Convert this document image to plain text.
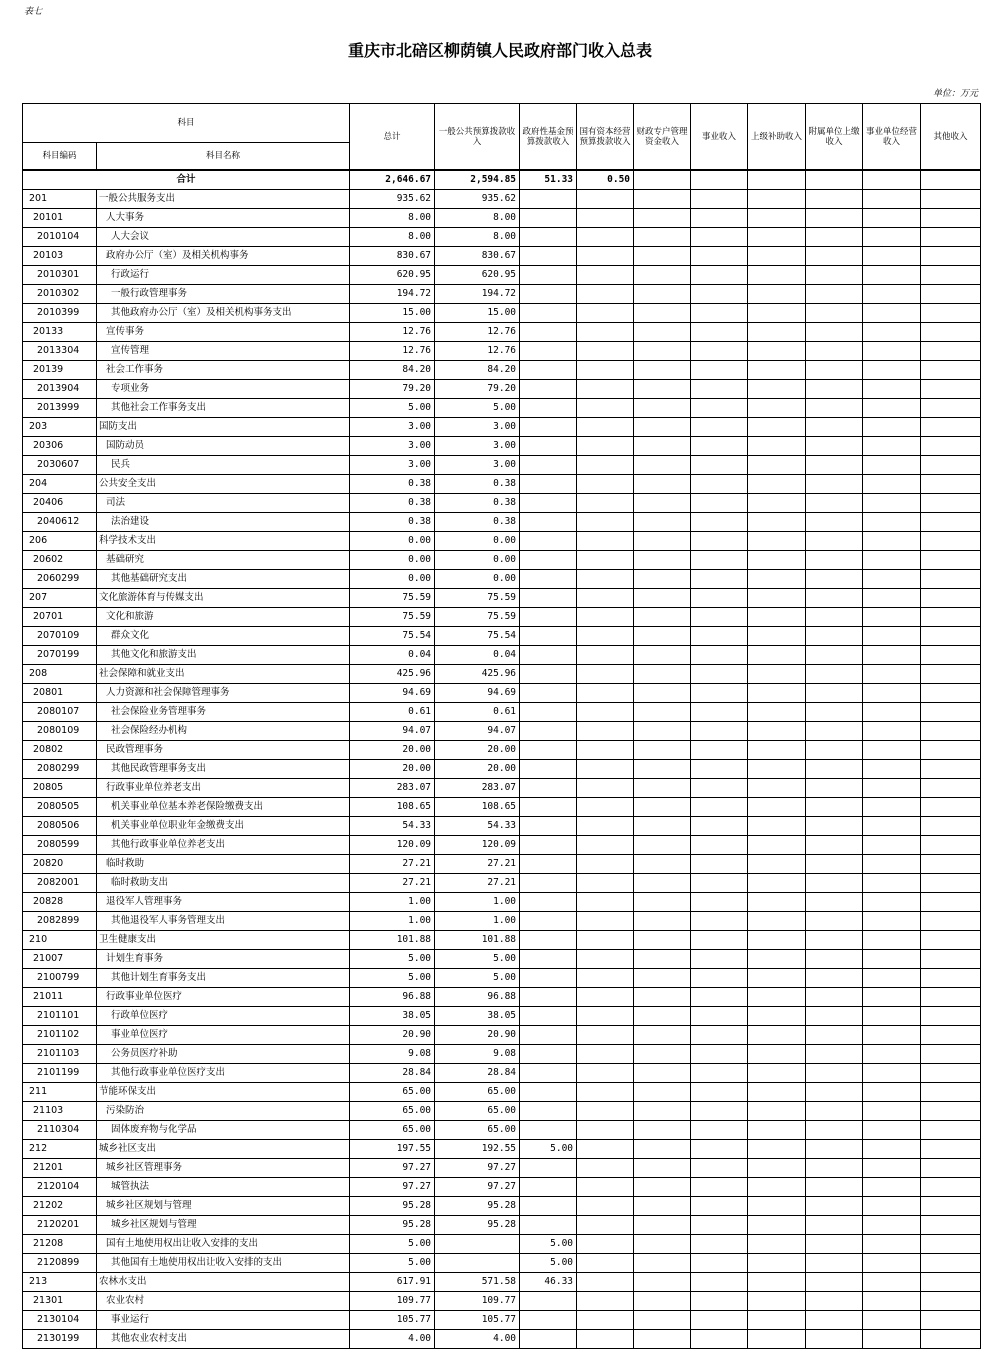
表七
重庆市北碚区柳荫镇人民政府部门收入总表
单位：万元
科目		总计	一般公共预算拨款收入	政府性基金预算拨款收入	国有资本经营预算拨款收入	财政专户管理资金收入	事业收入	上级补助收入	附属单位上缴收入	事业单位经营收入	其他收入
科目编码	科目名称										
合计		2,646.67	2,594.85	51.33	0.50						
201	一般公共服务支出	935.62	935.62								
20101	人大事务	8.00	8.00								
2010104	人大会议	8.00	8.00								
20103	政府办公厅（室）及相关机构事务	830.67	830.67								
2010301	行政运行	620.95	620.95								
2010302	一般行政管理事务	194.72	194.72								
2010399	其他政府办公厅（室）及相关机构事务支出	15.00	15.00								
20133	宣传事务	12.76	12.76								
2013304	宣传管理	12.76	12.76								
20139	社会工作事务	84.20	84.20								
2013904	专项业务	79.20	79.20								
2013999	其他社会工作事务支出	5.00	5.00								
203	国防支出	3.00	3.00								
20306	国防动员	3.00	3.00								
2030607	民兵	3.00	3.00								
204	公共安全支出	0.38	0.38								
20406	司法	0.38	0.38								
2040612	法治建设	0.38	0.38								
206	科学技术支出	0.00	0.00								
20602	基础研究	0.00	0.00								
2060299	其他基础研究支出	0.00	0.00								
207	文化旅游体育与传媒支出	75.59	75.59								
20701	文化和旅游	75.59	75.59								
2070109	群众文化	75.54	75.54								
2070199	其他文化和旅游支出	0.04	0.04								
208	社会保障和就业支出	425.96	425.96								
20801	人力资源和社会保障管理事务	94.69	94.69								
2080107	社会保险业务管理事务	0.61	0.61								
2080109	社会保险经办机构	94.07	94.07								
20802	民政管理事务	20.00	20.00								
2080299	其他民政管理事务支出	20.00	20.00								
20805	行政事业单位养老支出	283.07	283.07								
2080505	机关事业单位基本养老保险缴费支出	108.65	108.65								
2080506	机关事业单位职业年金缴费支出	54.33	54.33								
2080599	其他行政事业单位养老支出	120.09	120.09								
20820	临时救助	27.21	27.21								
2082001	临时救助支出	27.21	27.21								
20828	退役军人管理事务	1.00	1.00								
2082899	其他退役军人事务管理支出	1.00	1.00								
210	卫生健康支出	101.88	101.88								
21007	计划生育事务	5.00	5.00								
2100799	其他计划生育事务支出	5.00	5.00								
21011	行政事业单位医疗	96.88	96.88								
2101101	行政单位医疗	38.05	38.05								
2101102	事业单位医疗	20.90	20.90								
2101103	公务员医疗补助	9.08	9.08								
2101199	其他行政事业单位医疗支出	28.84	28.84								
211	节能环保支出	65.00	65.00								
21103	污染防治	65.00	65.00								
2110304	固体废弃物与化学品	65.00	65.00								
212	城乡社区支出	197.55	192.55	5.00							
21201	城乡社区管理事务	97.27	97.27								
2120104	城管执法	97.27	97.27								
21202	城乡社区规划与管理	95.28	95.28								
2120201	城乡社区规划与管理	95.28	95.28								
21208	国有土地使用权出让收入安排的支出	5.00		5.00							
2120899	其他国有土地使用权出让收入安排的支出	5.00		5.00							
213	农林水支出	617.91	571.58	46.33							
21301	农业农村	109.77	109.77								
2130104	事业运行	105.77	105.77								
2130199	其他农业农村支出	4.00	4.00								
